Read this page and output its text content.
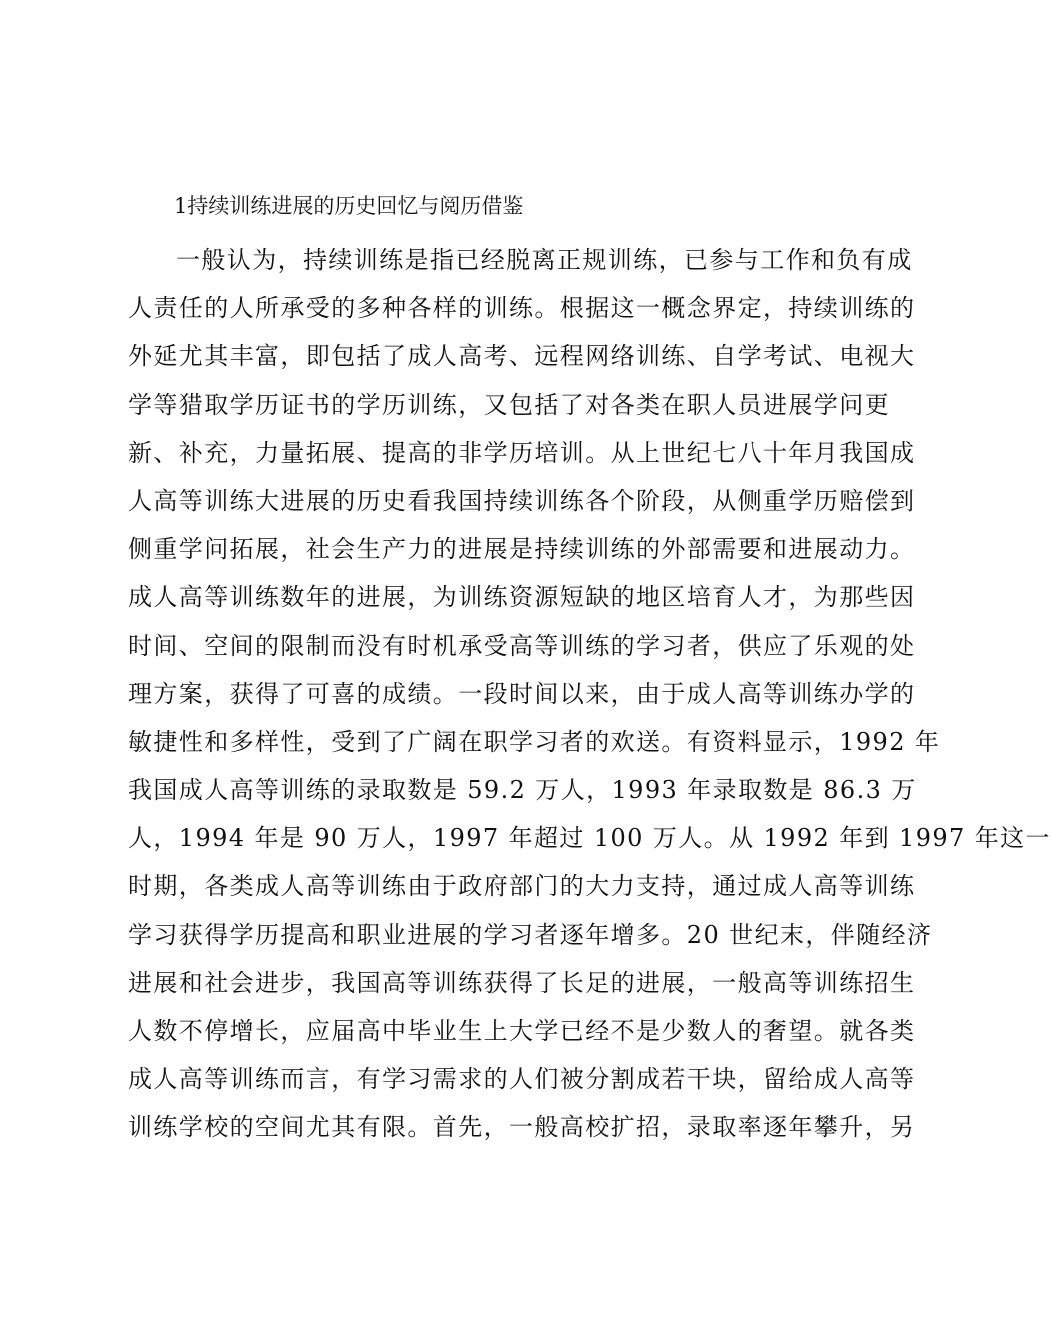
1持续训练进展的历史回忆与阅历借鉴
一般认为，持续训练是指已经脱离正规训练，已参与工作和负有成
人责任的人所承受的多种各样的训练。根据这一概念界定，持续训练的
外延尤其丰富，即包括了成人高考、远程网络训练、自学考试、电视大
学等猎取学历证书的学历训练，又包括了对各类在职人员进展学问更
新、补充，力量拓展、提高的非学历培训。从上世纪七八十年月我国成
人高等训练大进展的历史看我国持续训练各个阶段，从侧重学历赔偿到
侧重学问拓展，社会生产力的进展是持续训练的外部需要和进展动力。
成人高等训练数年的进展，为训练资源短缺的地区培育人才，为那些因
时间、空间的限制而没有时机承受高等训练的学习者，供应了乐观的处
理方案，获得了可喜的成绩。一段时间以来，由于成人高等训练办学的
敏捷性和多样性，受到了广阔在职学习者的欢送。有资料显示，1992 年
我国成人高等训练的录取数是 59.2 万人，1993 年录取数是 86.3 万
人，1994 年是 90 万人，1997 年超过 100 万人。从 1992 年到 1997 年这一
时期，各类成人高等训练由于政府部门的大力支持，通过成人高等训练
学习获得学历提高和职业进展的学习者逐年增多。20 世纪末，伴随经济
进展和社会进步，我国高等训练获得了长足的进展，一般高等训练招生
人数不停增长，应届高中毕业生上大学已经不是少数人的奢望。就各类
成人高等训练而言，有学习需求的人们被分割成若干块，留给成人高等
训练学校的空间尤其有限。首先，一般高校扩招，录取率逐年攀升，另
